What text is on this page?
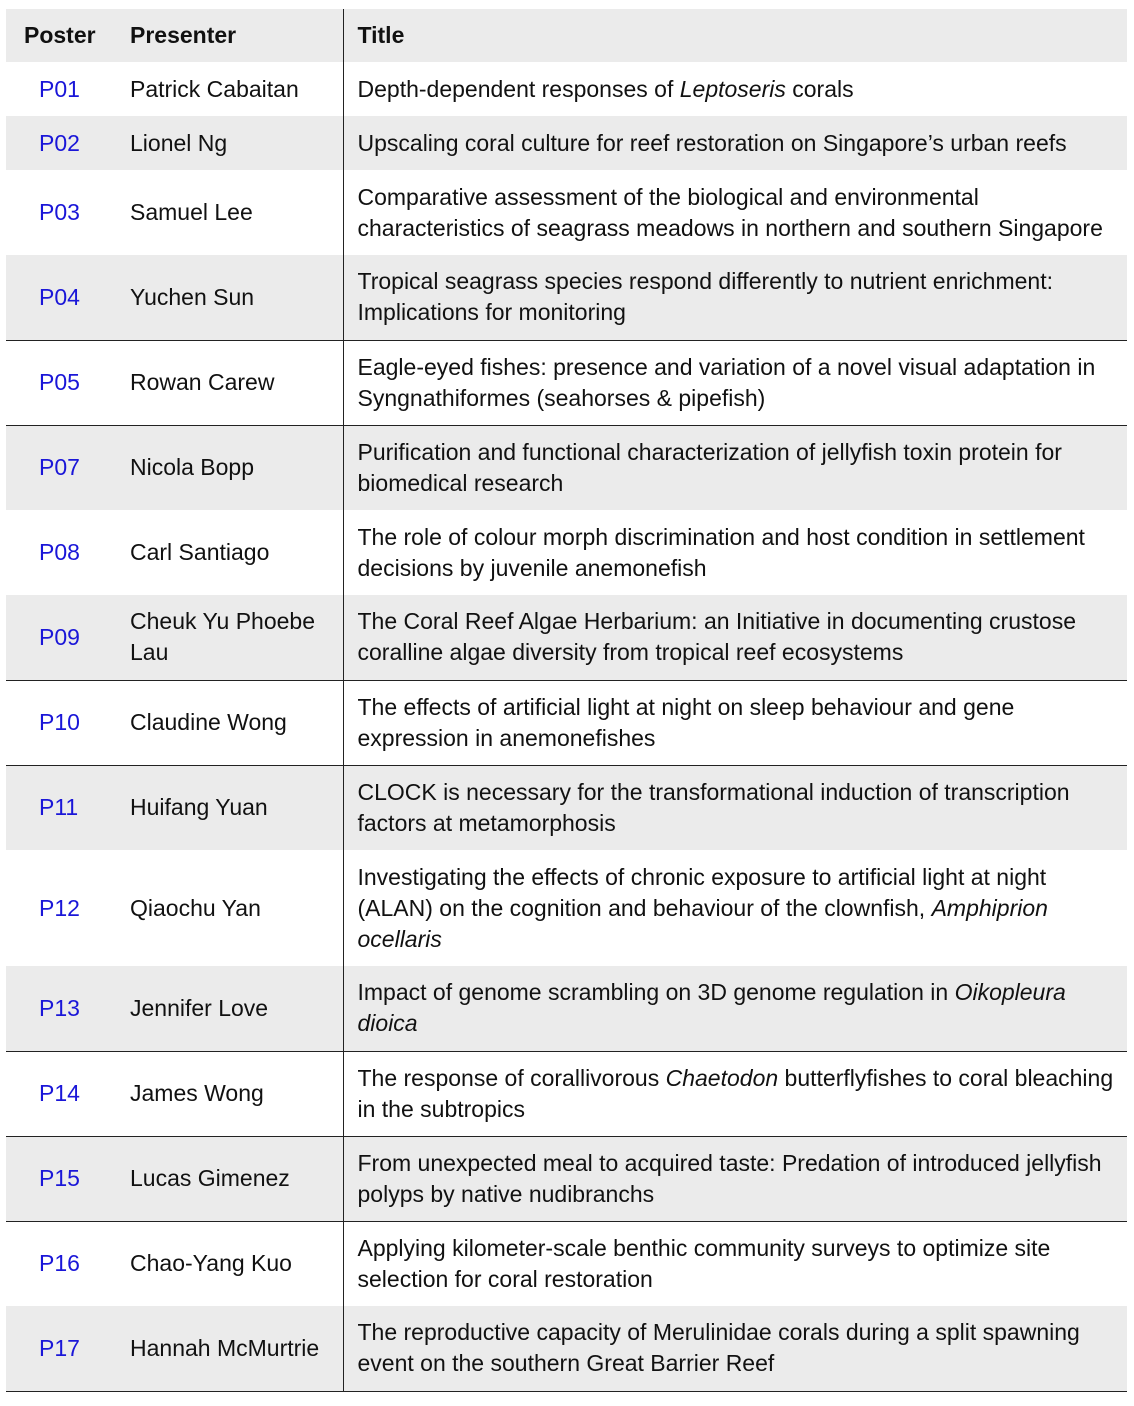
Poster	Presenter	Title
P01	Patrick Cabaitan	Depth-dependent responses of Leptoseris corals
P02	Lionel Ng	Upscaling coral culture for reef restoration on Singapore’s urban reefs
P03	Samuel Lee	Comparative assessment of the biological and environmental characteristics of seagrass meadows in northern and southern Singapore
P04	Yuchen Sun	Tropical seagrass species respond differently to nutrient enrichment: Implications for monitoring
P05	Rowan Carew	Eagle-eyed fishes: presence and variation of a novel visual adaptation in Syngnathiformes (seahorses & pipefish)
P07	Nicola Bopp	Purification and functional characterization of jellyfish toxin protein for biomedical research
P08	Carl Santiago	The role of colour morph discrimination and host condition in settlement decisions by juvenile anemonefish
P09	Cheuk Yu Phoebe Lau	The Coral Reef Algae Herbarium: an Initiative in documenting crustose coralline algae diversity from tropical reef ecosystems
P10	Claudine Wong	The effects of artificial light at night on sleep behaviour and gene expression in anemonefishes
P11	Huifang Yuan	CLOCK is necessary for the transformational induction of transcription factors at metamorphosis
P12	Qiaochu Yan	Investigating the effects of chronic exposure to artificial light at night (ALAN) on the cognition and behaviour of the clownfish, Amphiprion ocellaris
P13	Jennifer Love	Impact of genome scrambling on 3D genome regulation in Oikopleura dioica
P14	James Wong	The response of corallivorous Chaetodon butterflyfishes to coral bleaching in the subtropics
P15	Lucas Gimenez	From unexpected meal to acquired taste: Predation of introduced jellyfish polyps by native nudibranchs
P16	Chao-Yang Kuo	Applying kilometer-scale benthic community surveys to optimize site selection for coral restoration
P17	Hannah McMurtrie	The reproductive capacity of Merulinidae corals during a split spawning event on the southern Great Barrier Reef
